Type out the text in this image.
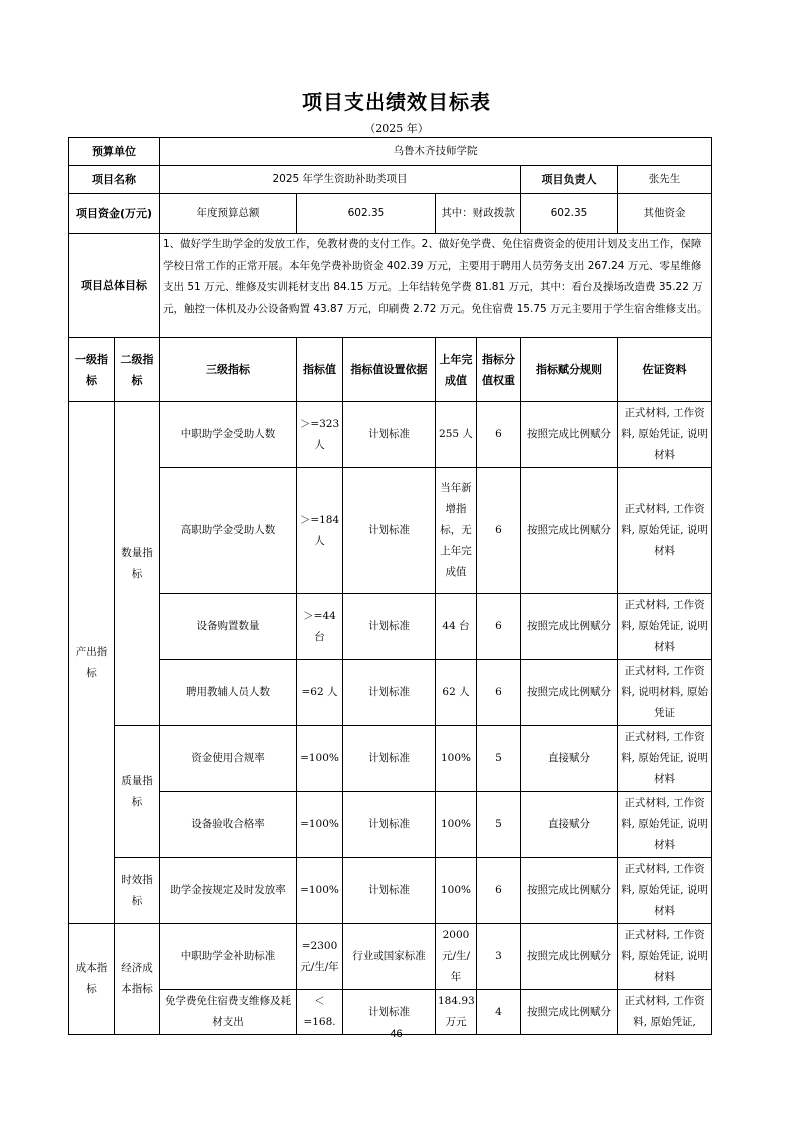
项目支出绩效目标表
（2025 年）
预算单位		乌鲁木齐技师学院						
项目名称		2025 年学生资助补助类项目					项目负责人	张先生
项目资金(万元)		年度预算总额	602.35		其中：财政拨款		602.35	其他资金
项目总体目标		1、做好学生助学金的发放工作，免教材费的支付工作。2、做好免学费、免住宿费资金的使用计划及支出工作，保障学校日常工作的正常开展。本年免学费补助资金 402.39 万元，主要用于聘用人员劳务支出 267.24 万元、零星维修支出 51 万元、维修及实训耗材支出 84.15 万元。上年结转免学费 81.81 万元，其中：看台及操场改造费 35.22 万元，触控一体机及办公设备购置 43.87 万元，印刷费 2.72 万元。免住宿费 15.75 万元主要用于学生宿舍维修支出。						
一级指标	二级指标	三级指标	指标值	指标值设置依据	上年完成值	指标分值权重	指标赋分规则	佐证资料
产出指标	数量指标	中职助学金受助人数	＞=323 人	计划标准	255 人	6	按照完成比例赋分	正式材料, 工作资料, 原始凭证, 说明材料
		高职助学金受助人数	＞=184 人	计划标准	当年新增指标，无上年完成值	6	按照完成比例赋分	正式材料, 工作资料, 原始凭证, 说明材料
		设备购置数量	＞=44 台	计划标准	44 台	6	按照完成比例赋分	正式材料, 工作资料, 原始凭证, 说明材料
		聘用教辅人员人数	=62 人	计划标准	62 人	6	按照完成比例赋分	正式材料, 工作资料, 说明材料, 原始凭证
	质量指标	资金使用合规率	=100%	计划标准	100%	5	直接赋分	正式材料, 工作资料, 原始凭证, 说明材料
		设备验收合格率	=100%	计划标准	100%	5	直接赋分	正式材料, 工作资料, 原始凭证, 说明材料
	时效指标	助学金按规定及时发放率	=100%	计划标准	100%	6	按照完成比例赋分	正式材料, 工作资料, 原始凭证, 说明材料
成本指标	经济成本指标	中职助学金补助标准	=2300 元/生/年	行业或国家标准	2000 元/生/年	3	按照完成比例赋分	正式材料, 工作资料, 原始凭证, 说明材料
		免学费免住宿费支维修及耗材支出	＜=168.	计划标准	184.93 万元	4	按照完成比例赋分	正式材料, 工作资料, 原始凭证,
46
